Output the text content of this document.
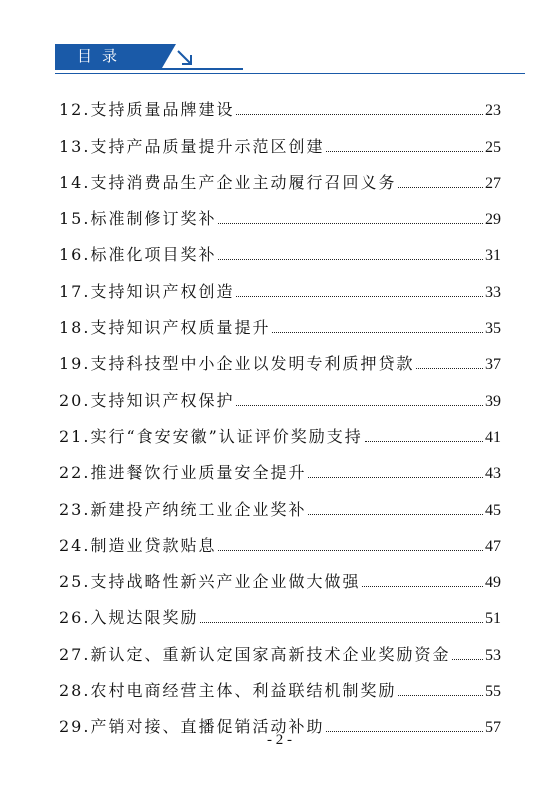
目录
12.支持质量品牌建设	23
13.支持产品质量提升示范区创建	25
14.支持消费品生产企业主动履行召回义务	27
15.标准制修订奖补	29
16.标准化项目奖补	31
17.支持知识产权创造	33
18.支持知识产权质量提升	35
19.支持科技型中小企业以发明专利质押贷款	37
20.支持知识产权保护	39
21.实行“食安安徽”认证评价奖励支持	41
22.推进餐饮行业质量安全提升	43
23.新建投产纳统工业企业奖补	45
24.制造业贷款贴息	47
25.支持战略性新兴产业企业做大做强	49
26.入规达限奖励	51
27.新认定、重新认定国家高新技术企业奖励资金 53
28.农村电商经营主体、利益联结机制奖励	55
29.产销对接、直播促销活动补助	57
- 2 -
